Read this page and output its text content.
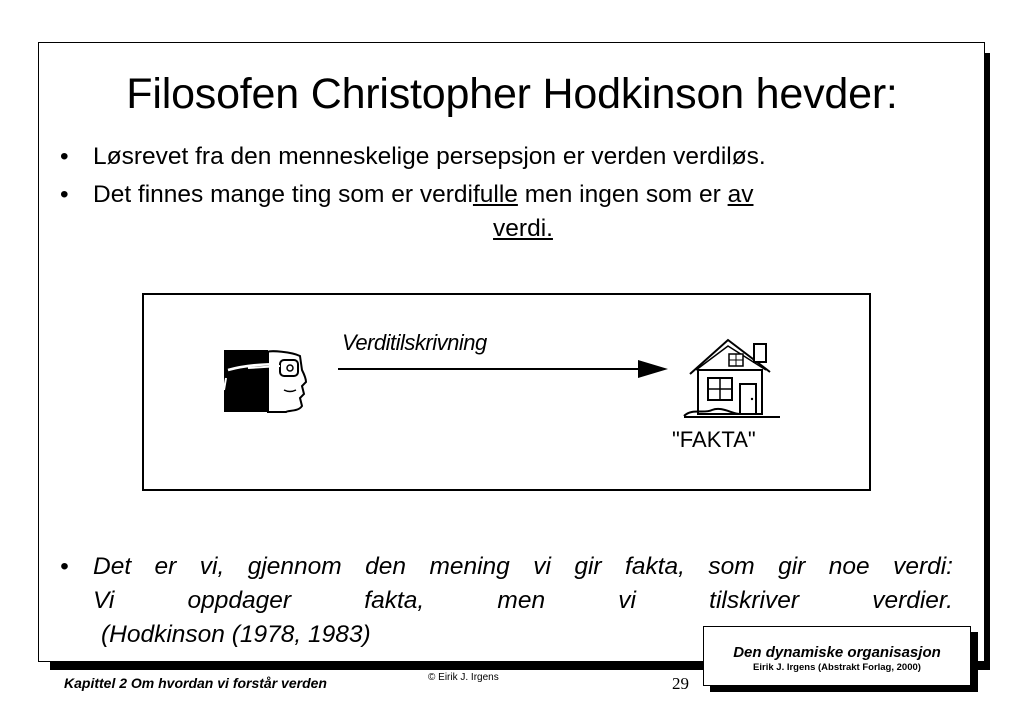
Filosofen Christopher Hodkinson hevder:
• Løsrevet fra den menneskelige persepsjon er verden verdiløs.
• Det finnes mange ting som er verdifulle men ingen som er av
verdi.
Verditilskrivning
"FAKTA"
• Det er vi, gjennom den mening vi gir fakta, som gir noe verdi:
Vi oppdager fakta, men vi tilskriver verdier.
(Hodkinson (1978, 1983)
Den dynamiske organisasjon
Eirik J. Irgens (Abstrakt Forlag, 2000)
Kapittel 2 Om hvordan vi forstår verden	© Eirik J. Irgens	29
